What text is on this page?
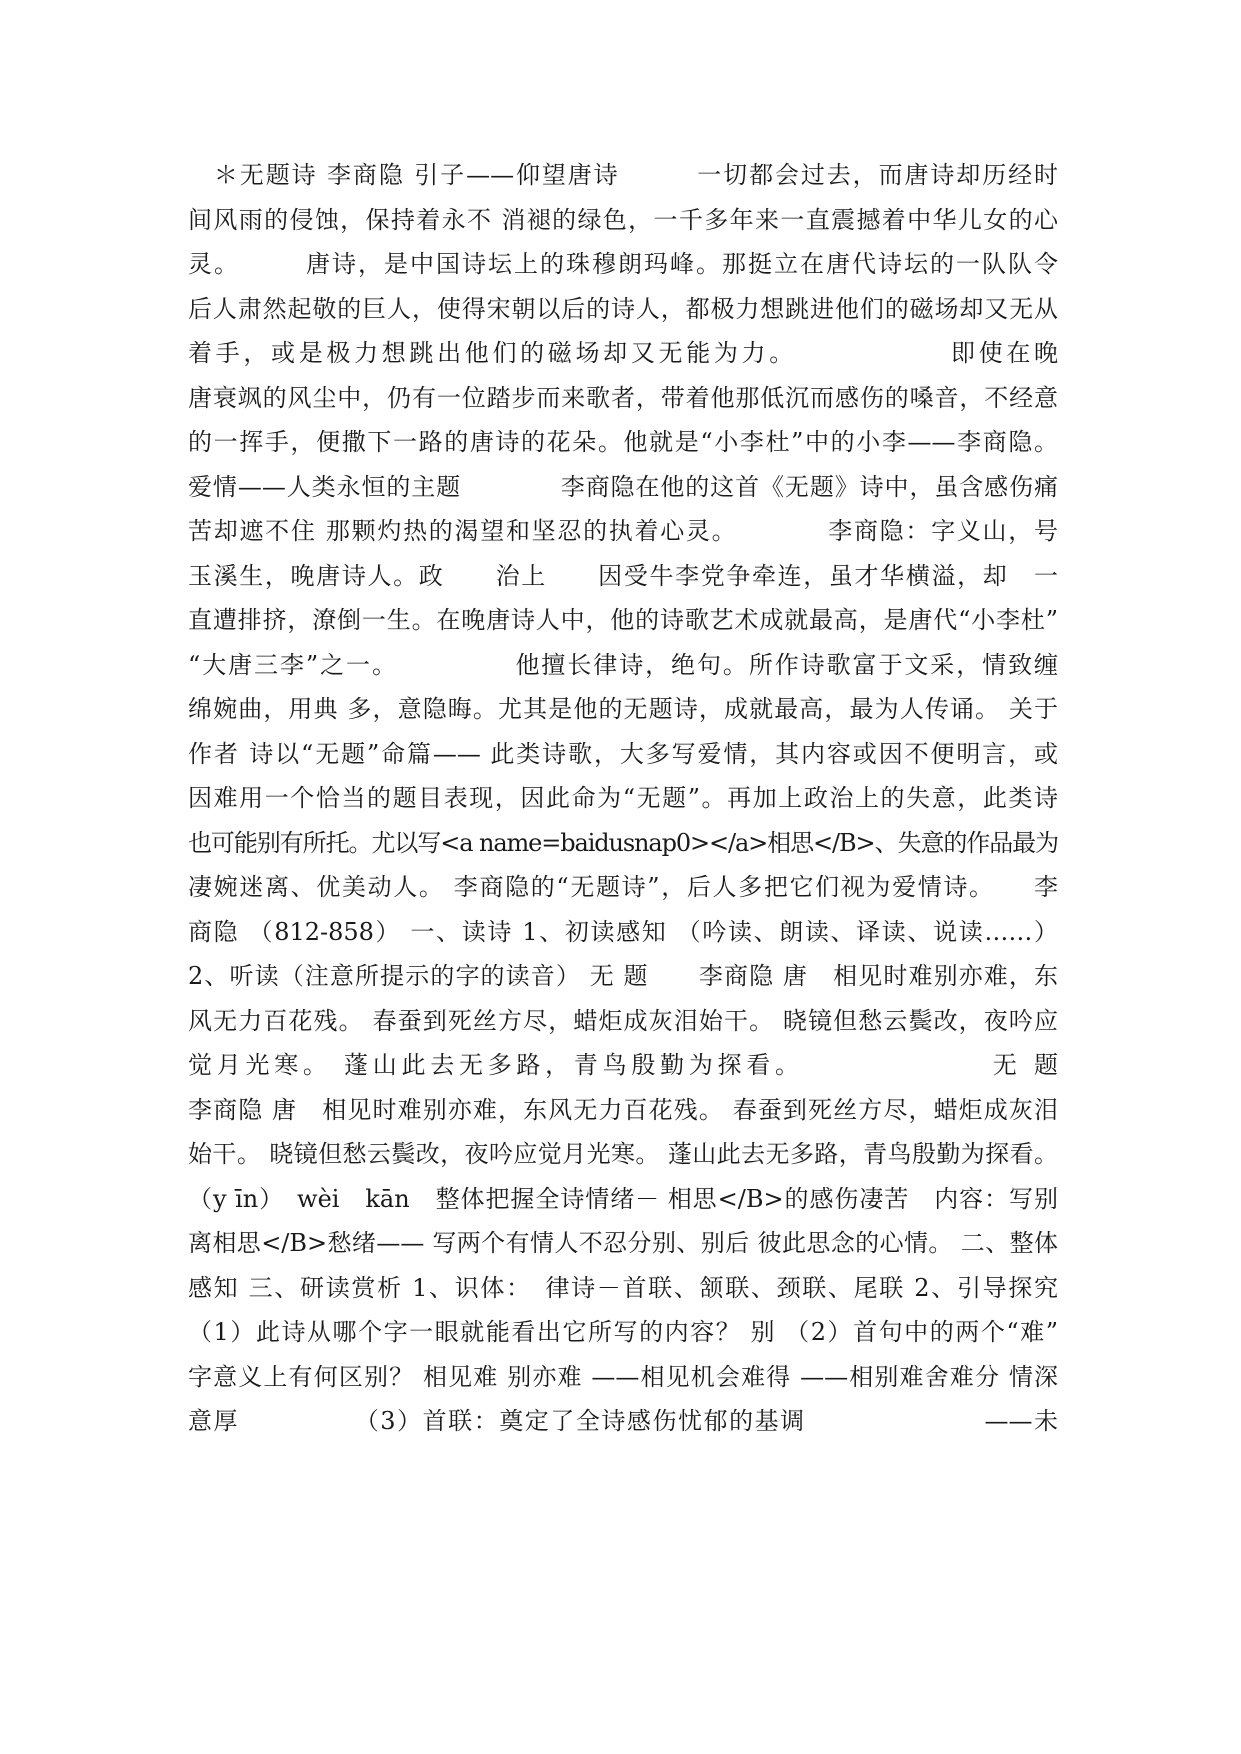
　＊无题诗 李商隐 引子——仰望唐诗　　　一切都会过去，而唐诗却历经时
间风雨的侵蚀，保持着永不 消褪的绿色，一千多年来一直震撼着中华儿女的心
灵。　　　唐诗，是中国诗坛上的珠穆朗玛峰。那挺立在唐代诗坛的一队队令
后人肃然起敬的巨人，使得宋朝以后的诗人，都极力想跳进他们的磁场却又无从
着手，或是极力想跳出他们的磁场却又无能为力。　　　　　　即使在晚
唐衰飒的风尘中，仍有一位踏步而来歌者，带着他那低沉而感伤的嗓音，不经意
的一挥手，便撒下一路的唐诗的花朵。他就是“小李杜”中的小李——李商隐。
爱情——人类永恒的主题　　　　李商隐在他的这首《无题》诗中，虽含感伤痛
苦却遮不住 那颗灼热的渴望和坚忍的执着心灵。　　　　李商隐：字义山，号
玉溪生，晚唐诗人。政　　治上　　因受牛李党争牵连，虽才华横溢，却　一
直遭排挤，潦倒一生。在晚唐诗人中，他的诗歌艺术成就最高，是唐代“小李杜”
“大唐三李”之一。　　　　　他擅长律诗，绝句。所作诗歌富于文采，情致缠
绵婉曲，用典 多，意隐晦。尤其是他的无题诗，成就最高，最为人传诵。 关于
作者 诗以“无题”命篇—— 此类诗歌，大多写爱情，其内容或因不便明言，或
因难用一个恰当的题目表现，因此命为“无题”。再加上政治上的失意，此类诗
也可能别有所托。尤以写<a name=baidusnap0></a>相思</B>、失意的作品最为
凄婉迷离、优美动人。 李商隐的“无题诗”，后人多把它们视为爱情诗。　　李
商隐 （812-858） 一、读诗 1、初读感知 （吟读、朗读、译读、说读……）
2、听读（注意所提示的字的读音） 无 题　　李商隐 唐　相见时难别亦难，东
风无力百花残。 春蚕到死丝方尽，蜡炬成灰泪始干。 晓镜但愁云鬓改，夜吟应
觉月光寒。 蓬山此去无多路，青鸟殷勤为探看。　　　　　　　无 题
李商隐 唐　相见时难别亦难，东风无力百花残。 春蚕到死丝方尽，蜡炬成灰泪
始干。 晓镜但愁云鬓改，夜吟应觉月光寒。 蓬山此去无多路，青鸟殷勤为探看。
（y īn）　wèi　kān　整体把握全诗情绪－ 相思</B>的感伤凄苦　内容：写别
离相思</B>愁绪—— 写两个有情人不忍分别、别后 彼此思念的心情。 二、整体
感知 三、研读赏析 1、识体：　律诗－首联、颔联、颈联、尾联 2、引导探究
（1）此诗从哪个字一眼就能看出它所写的内容？ 别 （2）首句中的两个“难”
字意义上有何区别？ 相见难 别亦难 ——相见机会难得 ——相别难舍难分 情深
意厚　　　　　（3）首联：奠定了全诗感伤忧郁的基调　　　　　　　——未
